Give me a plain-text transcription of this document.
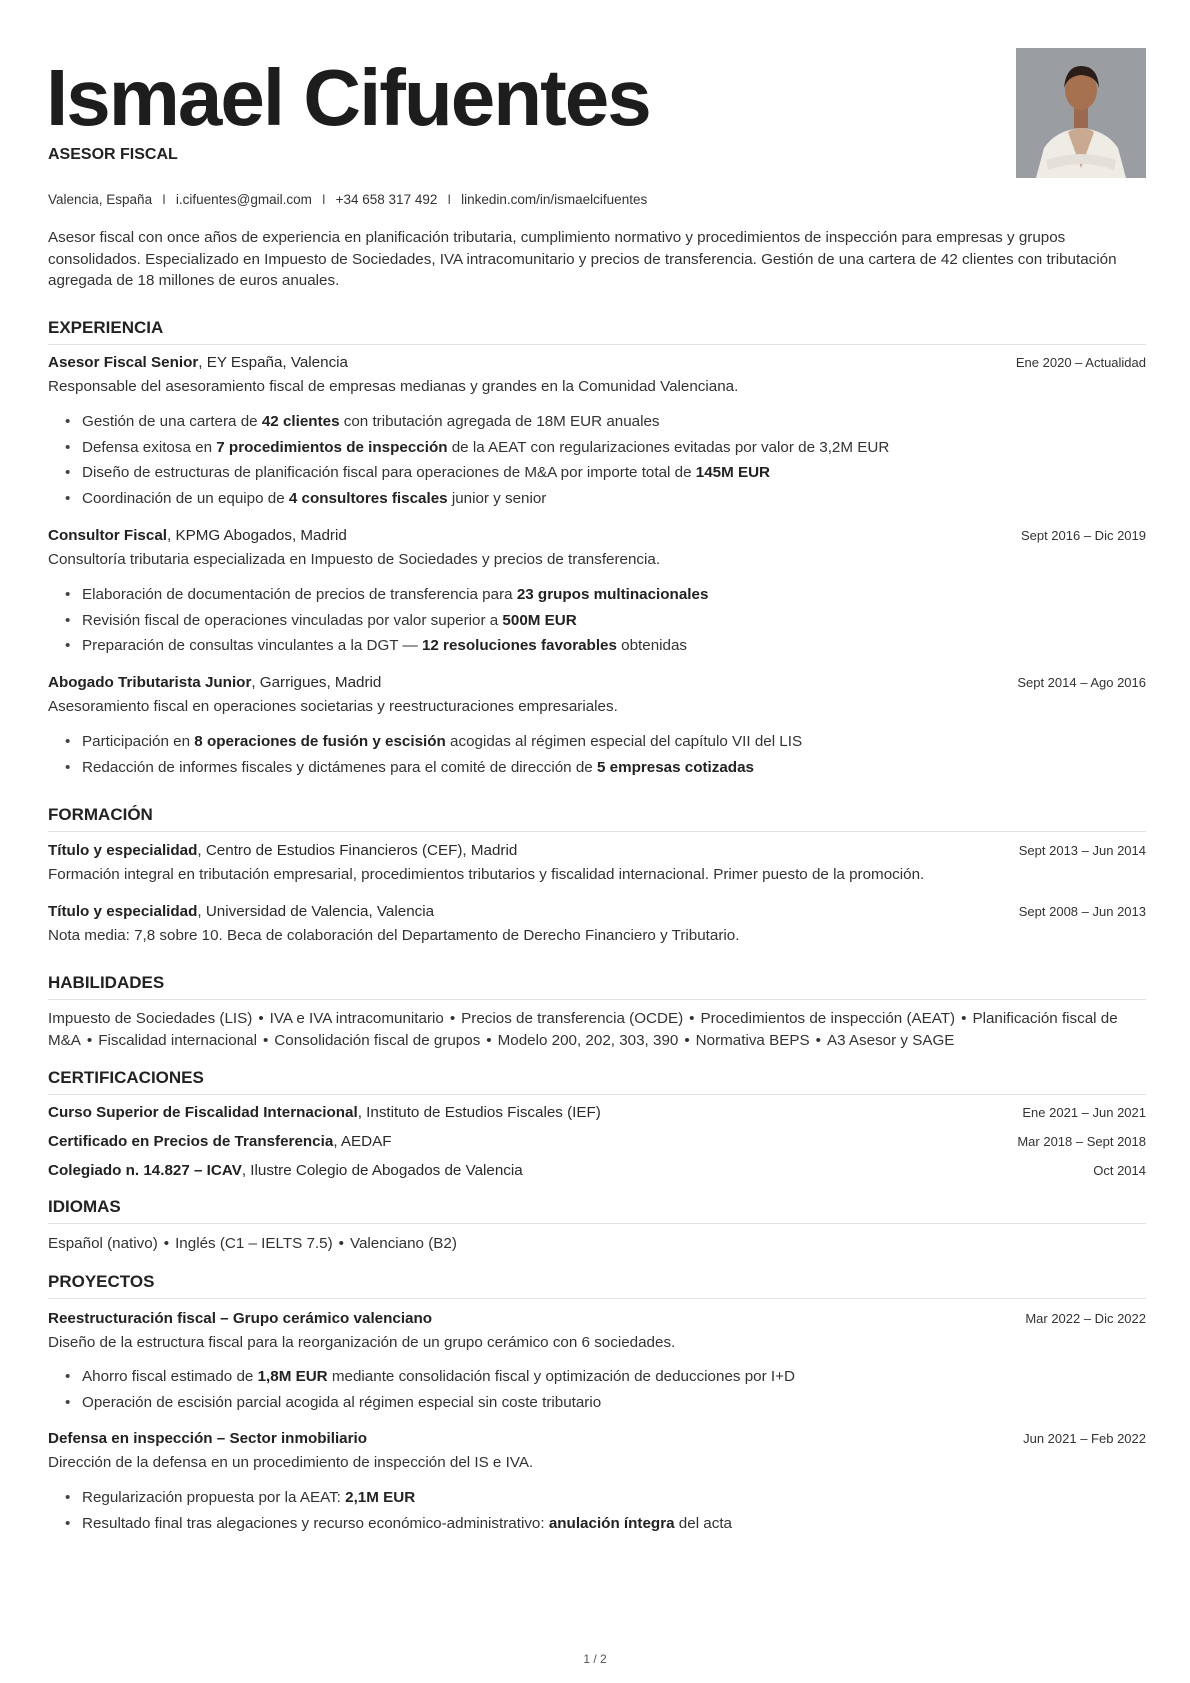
Ismael Cifuentes
ASESOR FISCAL
Valencia, España I i.cifuentes@gmail.com I +34 658 317 492 I linkedin.com/in/ismaelcifuentes

Asesor fiscal con once años de experiencia en planificación tributaria, cumplimiento normativo y procedimientos de inspección para empresas y grupos consolidados. Especializado en Impuesto de Sociedades, IVA intracomunitario y precios de transferencia. Gestión de una cartera de 42 clientes con tributación agregada de 18 millones de euros anuales.

EXPERIENCIA
Asesor Fiscal Senior, EY España, Valencia	Ene 2020 – Actualidad

Responsable del asesoramiento fiscal de empresas medianas y grandes en la Comunidad Valenciana.

• Gestión de una cartera de 42 clientes con tributación agregada de 18M EUR anuales
• Defensa exitosa en 7 procedimientos de inspección de la AEAT con regularizaciones evitadas por valor de 3,2M EUR
• Diseño de estructuras de planificación fiscal para operaciones de M&A por importe total de 145M EUR
• Coordinación de un equipo de 4 consultores fiscales junior y senior
Consultor Fiscal, KPMG Abogados, Madrid	Sept 2016 – Dic 2019

Consultoría tributaria especializada en Impuesto de Sociedades y precios de transferencia.

• Elaboración de documentación de precios de transferencia para 23 grupos multinacionales
• Revisión fiscal de operaciones vinculadas por valor superior a 500M EUR
• Preparación de consultas vinculantes a la DGT — 12 resoluciones favorables obtenidas
Abogado Tributarista Junior, Garrigues, Madrid	Sept 2014 – Ago 2016

Asesoramiento fiscal en operaciones societarias y reestructuraciones empresariales.

• Participación en 8 operaciones de fusión y escisión acogidas al régimen especial del capítulo VII del LIS
• Redacción de informes fiscales y dictámenes para el comité de dirección de 5 empresas cotizadas
FORMACIÓN
Título y especialidad, Centro de Estudios Financieros (CEF), Madrid	Sept 2013 – Jun 2014

Formación integral en tributación empresarial, procedimientos tributarios y fiscalidad internacional. Primer puesto de la promoción.

Título y especialidad, Universidad de Valencia, Valencia	Sept 2008 – Jun 2013

Nota media: 7,8 sobre 10. Beca de colaboración del Departamento de Derecho Financiero y Tributario.

HABILIDADES

Impuesto de Sociedades (LIS) • IVA e IVA intracomunitario • Precios de transferencia (OCDE) • Procedimientos de inspección (AEAT) • Planificación fiscal de M&A • Fiscalidad internacional • Consolidación fiscal de grupos • Modelo 200, 202, 303, 390 • Normativa BEPS • A3 Asesor y SAGE

CERTIFICACIONES
Curso Superior de Fiscalidad Internacional, Instituto de Estudios Fiscales (IEF)	Ene 2021 – Jun 2021
Certificado en Precios de Transferencia, AEDAF	Mar 2018 – Sept 2018
Colegiado n. 14.827 – ICAV, Ilustre Colegio de Abogados de Valencia	Oct 2014
IDIOMAS

Español (nativo) • Inglés (C1 – IELTS 7.5) • Valenciano (B2)

PROYECTOS
Reestructuración fiscal – Grupo cerámico valenciano	Mar 2022 – Dic 2022

Diseño de la estructura fiscal para la reorganización de un grupo cerámico con 6 sociedades.

• Ahorro fiscal estimado de 1,8M EUR mediante consolidación fiscal y optimización de deducciones por I+D
• Operación de escisión parcial acogida al régimen especial sin coste tributario
Defensa en inspección – Sector inmobiliario	Jun 2021 – Feb 2022

Dirección de la defensa en un procedimiento de inspección del IS e IVA.

• Regularización propuesta por la AEAT: 2,1M EUR
• Resultado final tras alegaciones y recurso económico-administrativo: anulación íntegra del acta
1 / 2
